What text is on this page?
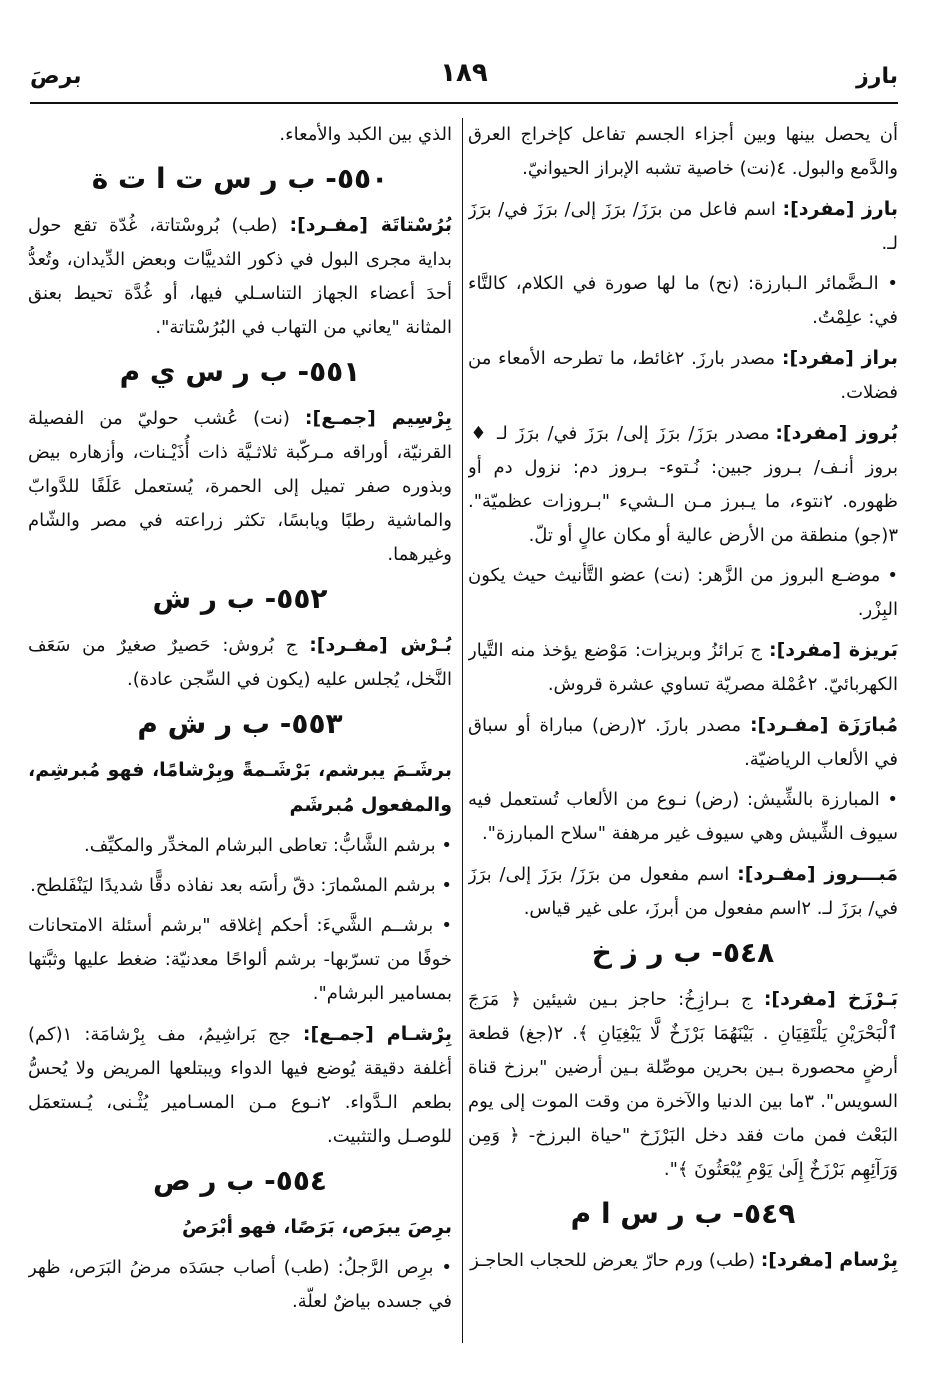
بارز
١٨٩
برصَ

أن يحصل بينها وبين أجزاء الجسم تفاعل كإخراج العرق والدَّمع والبول. ٤(نت) خاصية تشبه الإبراز الحيوانيّ.

بارز [مفرد]: اسم فاعل من برَزَ/ برَزَ إلى/ برَزَ في/ برَزَ لـ.

• الـضَّمائر الـبارزة: (نح) ما لها صورة في الكلام، كالتَّاء في: علِمْتُ.

براز [مفرد]: مصدر بارزَ. ٢غائط، ما تطرحه الأمعاء من فضلات.

بُروز [مفرد]: مصدر برَزَ/ برَزَ إلى/ برَزَ في/ برَزَ لـ ♦ بروز أنـف/ بـروز جبين: نُـتوء- بـروز دم: نزول دم أو ظهوره. ٢نتوء، ما يـبرز مـن الـشيء "بـروزات عظميّة". ٣(جو) منطقة من الأرض عالية أو مكان عالٍ أو تلّ.

• موضـع البروز من الزَّهر: (نت) عضو التَّأنيث حيث يكون البِزْر.

بَريزة [مفرد]: ج بَرائزُ وبريزات: مَوْضع يؤخذ منه التَّيار الكهربائيّ. ٢عُمْلة مصريّة تساوي عشرة قروش.

مُبارَزَة [مفـرد]: مصدر بارزَ. ٢(رض) مباراة أو سباق في الألعاب الرياضيّة.

• المبارزة بالشِّيش: (رض) نـوع من الألعاب تُستعمل فيه سيوف الشِّيش وهي سيوف غير مرهفة "سلاح المبارزة".

مَبـــروز [مفـرد]: اسم مفعول من برَزَ/ برَزَ إلى/ برَزَ في/ برَزَ لـ. ٢اسم مفعول من أبرزَ، على غير قياس.

٥٤٨- ب ر ز خ

بَـرْزَخ [مفرد]: ج بـرازِخُ: حاجز بـين شيئين ﴿ مَرَجَ ٱلْبَحْرَيْنِ يَلْتَقِيَانِ . بَيْنَهُمَا بَرْزَخٌ لَّا يَبْغِيَانِ ﴾. ٢(جغ) قطعة أرضٍ محصورة بـين بحرين موصِّلة بـين أرضين "برزخ قناة السويس". ٣ما بين الدنيا والآخرة من وقت الموت إلى يوم البَعْث فمن مات فقد دخل البَرْزَخ "حياة البرزخ- ﴿ وَمِن وَرَآئِهِم بَرْزَخٌ إِلَىٰ يَوْمِ يُبْعَثُونَ ﴾".

٥٤٩- ب ر س ا م

بِرْسام [مفرد]: (طب) ورم حارّ يعرض للحجاب الحاجـز

الذي بين الكبد والأمعاء.

٥٥٠- ب ر س ت ا ت ة

بُرُسْتاتَة [مفـرد]: (طب) بُروسْتاتة، غُدّة تقع حول بداية مجرى البول في ذكور الثدييَّات وبعض الدِّيدان، وتُعدُّ أحدَ أعضاء الجهاز التناسـلي فيها، أو غُدَّة تحيط بعنق المثانة "يعاني من التهاب في البُرُسْتاتة".

٥٥١- ب ر س ي م

بِرْسِيم [جمـع]: (نت) عُشب حوليّ من الفصيلة القرنيّة، أوراقه مـركّبة ثلاثـيَّة ذات أُذَيْـنات، وأزهاره بيض وبذوره صفر تميل إلى الحمرة، يُستعمل عَلَفًا للدَّوابّ والماشية رطبًا ويابسًا، تكثر زراعته في مصر والشّام وغيرهما.

٥٥٢- ب ر ش

بُـرْش [مفـرد]: ج بُروش: حَصيرٌ صغيرٌ من سَعَف النَّخل، يُجلس عليه (يكون في السِّجن عادة).

٥٥٣- ب ر ش م

برشَـمَ يبرشم، بَرْشَـمةً وبِرْشامًا، فهو مُبرشِم، والمفعول مُبرشَم

• برشم الشَّابُّ: تعاطى البرشام المخدِّر والمكيِّف.

• برشم المسْمارَ: دقّ رأسَه بعد نفاذه دقًّا شديدًا ليَنْفَلطح.

• برشــم الشَّيءَ: أحكم إغلاقه "برشم أسئلة الامتحانات خوفًا من تسرّبها- برشم ألواحًا معدنيّة: ضغط عليها وثبَّتها بمسامير البرشام".

بِرْشـام [جمـع]: جج بَراشِيمُ، مف بِرْشامَة: ١(كم) أغلفة دقيقة يُوضع فيها الدواء ويبتلعها المريض ولا يُحسُّ بطعم الـدَّواء. ٢نـوع مـن المسـامير يُثْـنى، يُـستعمَل للوصـل والتثبيت.

٥٥٤- ب ر ص

برِصَ يبرَص، بَرَصًا، فهو أبْرَصُ

• برِص الرَّجلُ: (طب) أصاب جسَدَه مرضُ البَرَص، ظهر في جسده بياضٌ لعلّة.
